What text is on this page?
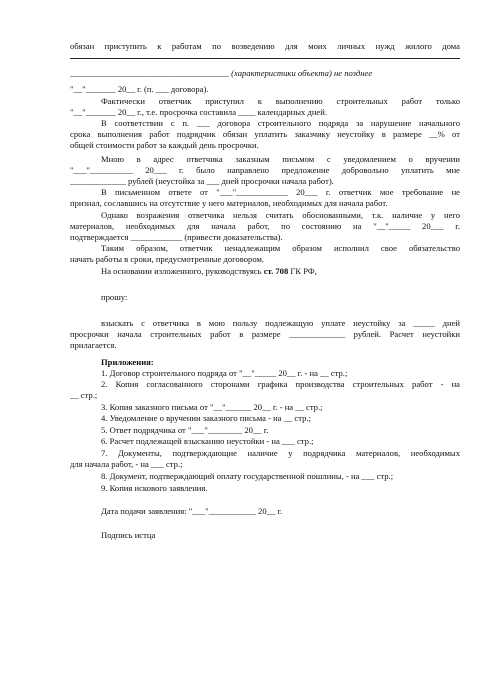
обязан приступить к работам по возведению для моих личных нужд жилого дома
_____________________________________ (характеристики объекта) не позднее
"__"_______ 20__ г. (п. ___ договора).
Фактически ответчик приступил к выполнению строительных работ только
"__"_______ 20__ г., т.е. просрочка составила ____ календарных дней.
В соответствии с п. ___ договора строительного подряда за нарушение начального
срока выполнения работ подрядчик обязан уплатить заказчику неустойку в размере __% от
общей стоимости работ за каждый день просрочки.
Мною в адрес ответчика заказным письмом с уведомлением о вручении
"___"__________ 20___ г. было направлено предложение добровольно уплатить мне
_____________ рублей (неустойка за ___ дней просрочки начала работ).
В письменном ответе от "___"____________ 20___ г. ответчик мое требование не
признал, сославшись на отсутствие у него материалов, необходимых для начала работ.
Однако возражения ответчика нельзя считать обоснованными, т.к. наличие у него
материалов, необходимых для начала работ, по состоянию на "__"_____ 20___ г.
подтверждается ____________ (привести доказательства).
Таким образом, ответчик ненадлежащим образом исполнил свое обязательство
начать работы в сроки, предусмотренные договором.
На основании изложенного, руководствуясь ст. 708 ГК РФ,
прошу:
взыскать с ответчика в мою пользу подлежащую уплате неустойку за _____ дней
просрочки начала строительных работ в размере _____________ рублей. Расчет неустойки
прилагается.
Приложения:
1. Договор строительного подряда от "__"_____ 20__ г. - на __ стр.;
2. Копия согласованного сторонами графика производства строительных работ - на
__ стр.;
3. Копия заказного письма от "__"______ 20__ г. - на __ стр.;
4. Уведомление о вручении заказного письма - на __ стр.;
5. Ответ подрядчика от "___"________ 20__ г.
6. Расчет подлежащей взысканию неустойки - на ___ стр.;
7. Документы, подтверждающие наличие у подрядчика материалов, необходимых
для начала работ, - на ___ стр.;
8. Документ, подтверждающий оплату государственной пошлины, - на ___ стр.;
9. Копия искового заявления.
Дата подачи заявления: "___"___________ 20__ г.
Подпись истца
